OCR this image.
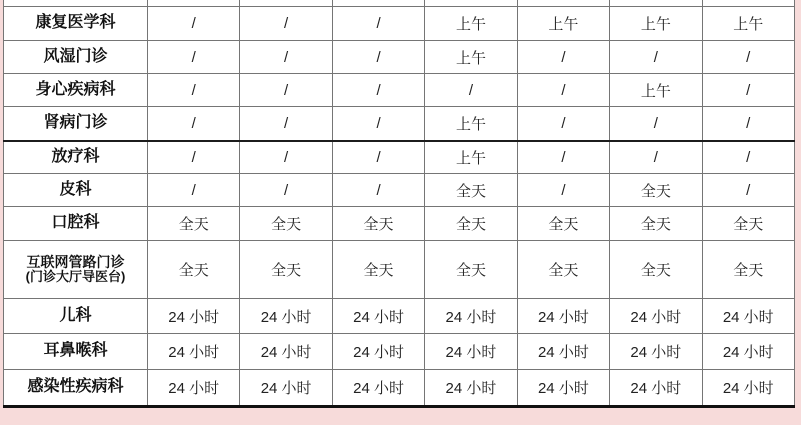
康复医学科	/	/	/	上午	上午	上午	上午

风湿门诊	/	/	/	上午	/	/	/

身心疾病科	/	/	/	/	/	上午	/

肾病门诊	/	/	/	上午	/	/	/

放疗科	/	/	/	上午	/	/	/

皮科	/	/	/	全天	/	全天	/

口腔科	全天	全天	全天	全天	全天	全天	全天

互联网管路门诊
(门诊大厅导医台)	全天	全天	全天	全天	全天	全天	全天

儿科	24 小时	24 小时	24 小时	24 小时	24 小时	24 小时	24 小时

耳鼻喉科	24 小时	24 小时	24 小时	24 小时	24 小时	24 小时	24 小时

感染性疾病科	24 小时	24 小时	24 小时	24 小时	24 小时	24 小时	24 小时
